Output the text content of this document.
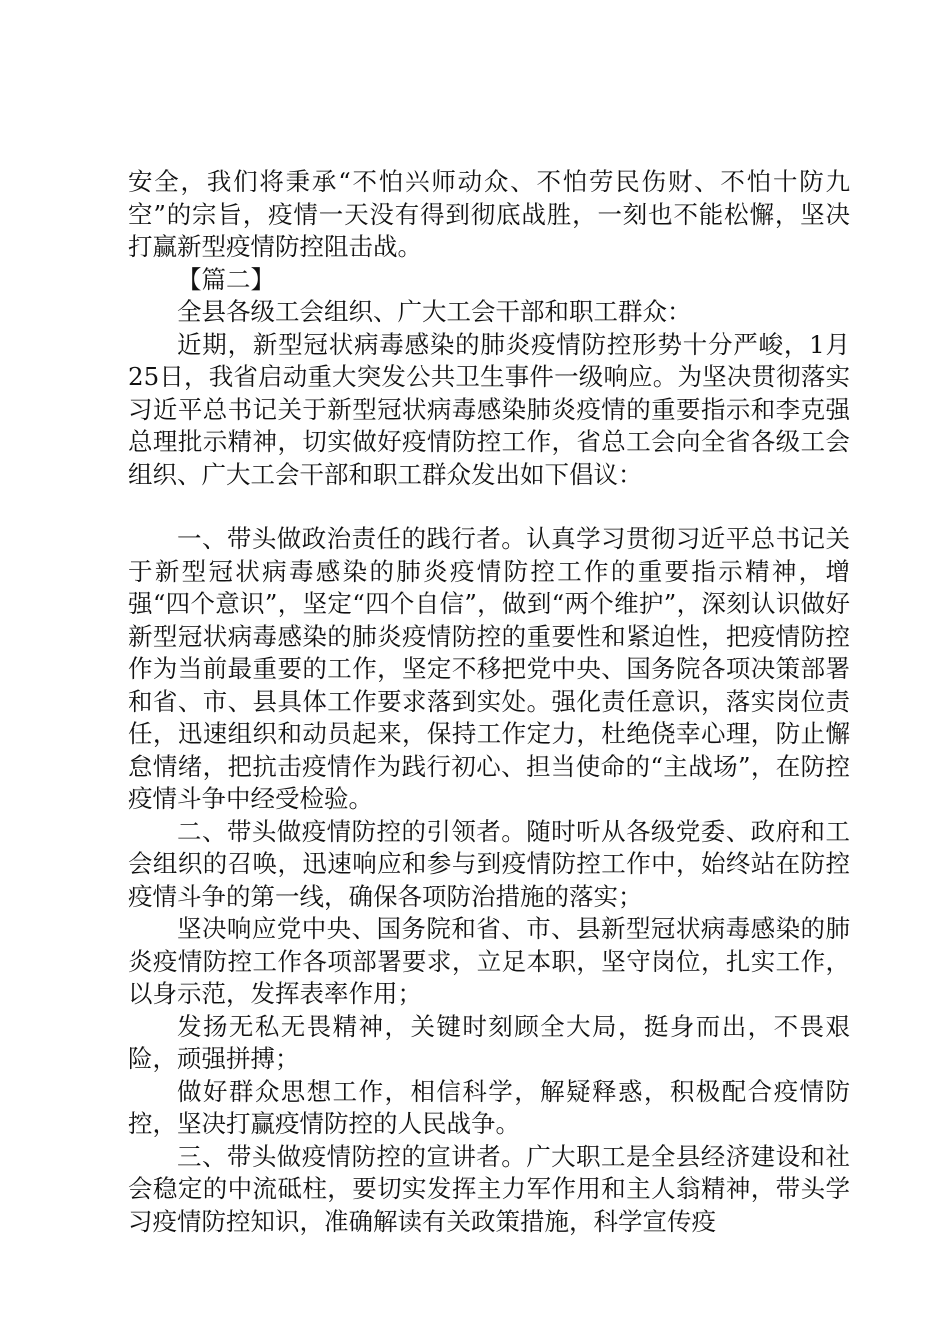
安全，我们将秉承“不怕兴师动众、不怕劳民伤财、不怕十防九空”的宗旨，疫情一天没有得到彻底战胜，一刻也不能松懈，坚决打赢新型疫情防控阻击战。

【篇二】

全县各级工会组织、广大工会干部和职工群众：

近期，新型冠状病毒感染的肺炎疫情防控形势十分严峻，1月25日，我省启动重大突发公共卫生事件一级响应。为坚决贯彻落实习近平总书记关于新型冠状病毒感染肺炎疫情的重要指示和李克强总理批示精神，切实做好疫情防控工作，省总工会向全省各级工会组织、广大工会干部和职工群众发出如下倡议：

一、带头做政治责任的践行者。认真学习贯彻习近平总书记关于新型冠状病毒感染的肺炎疫情防控工作的重要指示精神，增强“四个意识”，坚定“四个自信”，做到“两个维护”，深刻认识做好新型冠状病毒感染的肺炎疫情防控的重要性和紧迫性，把疫情防控作为当前最重要的工作，坚定不移把党中央、国务院各项决策部署和省、市、县具体工作要求落到实处。强化责任意识，落实岗位责任，迅速组织和动员起来，保持工作定力，杜绝侥幸心理，防止懈怠情绪，把抗击疫情作为践行初心、担当使命的“主战场”，在防控疫情斗争中经受检验。

二、带头做疫情防控的引领者。随时听从各级党委、政府和工会组织的召唤，迅速响应和参与到疫情防控工作中，始终站在防控疫情斗争的第一线，确保各项防治措施的落实；

坚决响应党中央、国务院和省、市、县新型冠状病毒感染的肺炎疫情防控工作各项部署要求，立足本职，坚守岗位，扎实工作，以身示范，发挥表率作用；

发扬无私无畏精神，关键时刻顾全大局，挺身而出，不畏艰险，顽强拼搏；

做好群众思想工作，相信科学，解疑释惑，积极配合疫情防控，坚决打赢疫情防控的人民战争。

三、带头做疫情防控的宣讲者。广大职工是全县经济建设和社会稳定的中流砥柱，要切实发挥主力军作用和主人翁精神，带头学习疫情防控知识，准确解读有关政策措施，科学宣传疫
